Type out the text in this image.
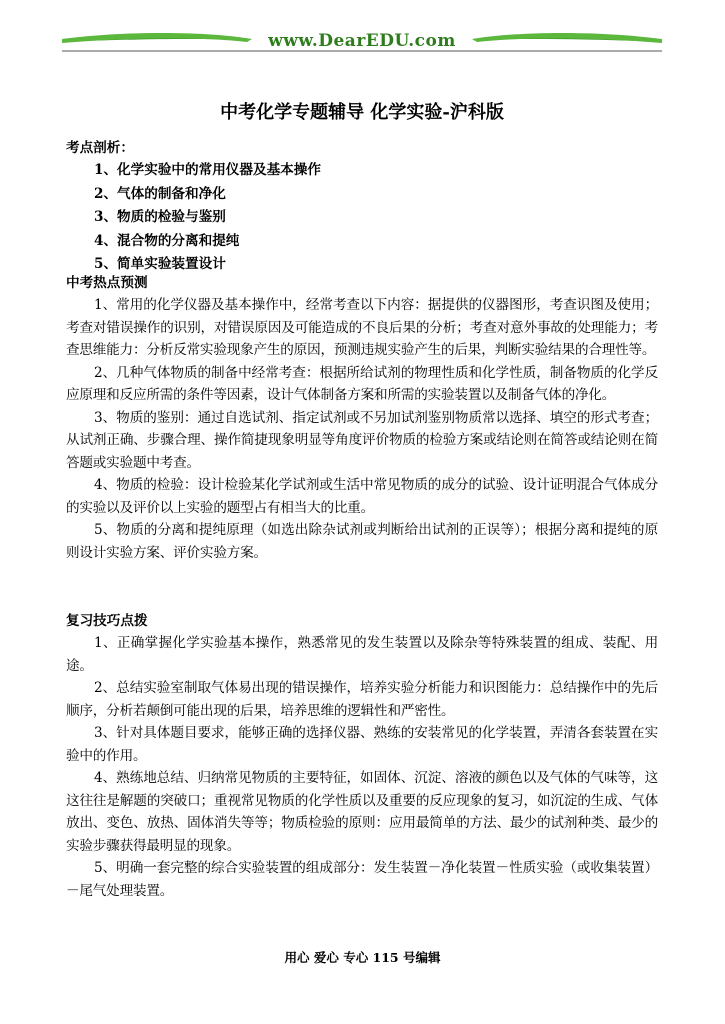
www.DearEDU.com
中考化学专题辅导 化学实验-沪科版
考点剖析：
1、化学实验中的常用仪器及基本操作
2、气体的制备和净化
3、物质的检验与鉴别
4、混合物的分离和提纯
5、简单实验装置设计
中考热点预测

1、常用的化学仪器及基本操作中，经常考查以下内容：据提供的仪器图形，考查识图及使用；考查对错误操作的识别，对错误原因及可能造成的不良后果的分析；考查对意外事故的处理能力；考查思维能力：分析反常实验现象产生的原因，预测违规实验产生的后果，判断实验结果的合理性等。

2、几种气体物质的制备中经常考查：根据所给试剂的物理性质和化学性质，制备物质的化学反应原理和反应所需的条件等因素，设计气体制备方案和所需的实验装置以及制备气体的净化。

3、物质的鉴别：通过自选试剂、指定试剂或不另加试剂鉴别物质常以选择、填空的形式考查；从试剂正确、步骤合理、操作简捷现象明显等角度评价物质的检验方案或结论则在简答或结论则在简答题或实验题中考查。

4、物质的检验：设计检验某化学试剂或生活中常见物质的成分的试验、设计证明混合气体成分的实验以及评价以上实验的题型占有相当大的比重。

5、物质的分离和提纯原理（如选出除杂试剂或判断给出试剂的正误等）；根据分离和提纯的原则设计实验方案、评价实验方案。

复习技巧点拨

1、正确掌握化学实验基本操作，熟悉常见的发生装置以及除杂等特殊装置的组成、装配、用途。

2、总结实验室制取气体易出现的错误操作，培养实验分析能力和识图能力：总结操作中的先后顺序，分析若颠倒可能出现的后果，培养思维的逻辑性和严密性。

3、针对具体题目要求，能够正确的选择仪器、熟练的安装常见的化学装置，弄清各套装置在实验中的作用。

4、熟练地总结、归纳常见物质的主要特征，如固体、沉淀、溶液的颜色以及气体的气味等，这这往往是解题的突破口；重视常见物质的化学性质以及重要的反应现象的复习，如沉淀的生成、气体放出、变色、放热、固体消失等等；物质检验的原则：应用最简单的方法、最少的试剂种类、最少的实验步骤获得最明显的现象。

5、明确一套完整的综合实验装置的组成部分：发生装置－净化装置－性质实验（或收集装置）－尾气处理装置。

用心 爱心 专心 115 号编辑
